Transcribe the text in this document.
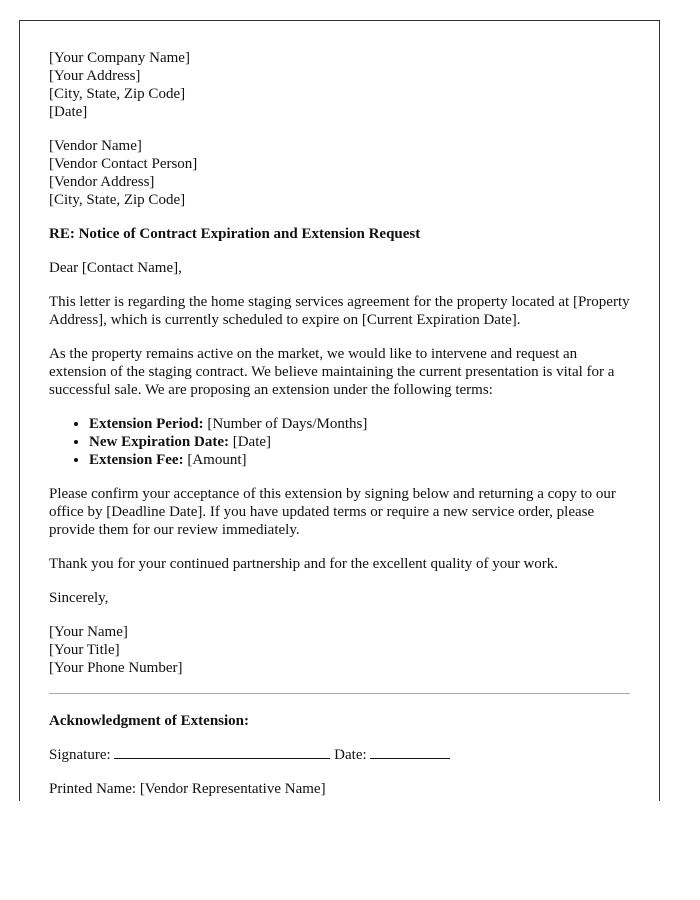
[Your Company Name]
[Your Address]
[City, State, Zip Code]
[Date]
[Vendor Name]
[Vendor Contact Person]
[Vendor Address]
[City, State, Zip Code]

RE: Notice of Contract Expiration and Extension Request

Dear [Contact Name],

This letter is regarding the home staging services agreement for the property located at [Property Address], which is currently scheduled to expire on [Current Expiration Date].

As the property remains active on the market, we would like to intervene and request an extension of the staging contract. We believe maintaining the current presentation is vital for a successful sale. We are proposing an extension under the following terms:

• Extension Period: [Number of Days/Months]
• New Expiration Date: [Date]
• Extension Fee: [Amount]

Please confirm your acceptance of this extension by signing below and returning a copy to our office by [Deadline Date]. If you have updated terms or require a new service order, please provide them for our review immediately.

Thank you for your continued partnership and for the excellent quality of your work.

Sincerely,

[Your Name]
[Your Title]
[Your Phone Number]

Acknowledgment of Extension:

Signature:	Date:

Printed Name: [Vendor Representative Name]
